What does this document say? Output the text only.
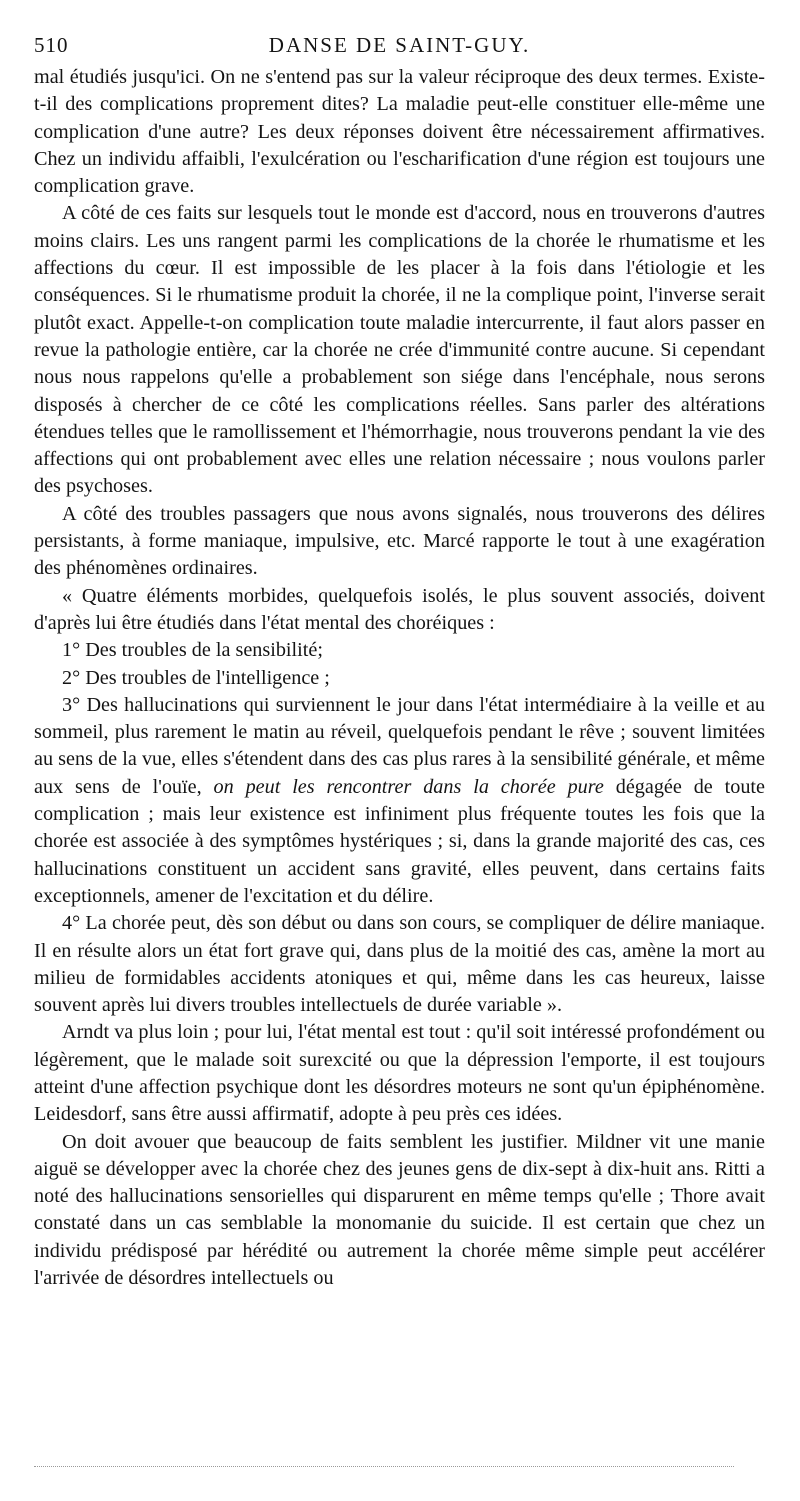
510	DANSE DE SAINT-GUY.

mal étudiés jusqu'ici. On ne s'entend pas sur la valeur réciproque des deux termes. Existe-t-il des complications proprement dites? La maladie peut-elle constituer elle-même une complication d'une autre? Les deux réponses doivent être nécessairement affirmatives. Chez un individu affaibli, l'exulcération ou l'escharification d'une région est toujours une complication grave.

A côté de ces faits sur lesquels tout le monde est d'accord, nous en trouverons d'autres moins clairs. Les uns rangent parmi les complications de la chorée le rhumatisme et les affections du cœur. Il est impossible de les placer à la fois dans l'étiologie et les conséquences. Si le rhumatisme produit la chorée, il ne la complique point, l'inverse serait plutôt exact. Appelle-t-on complication toute maladie intercurrente, il faut alors passer en revue la pathologie entière, car la chorée ne crée d'immunité contre aucune. Si cependant nous nous rappelons qu'elle a probablement son siége dans l'encéphale, nous serons disposés à chercher de ce côté les complications réelles. Sans parler des altérations étendues telles que le ramollissement et l'hémorrhagie, nous trouverons pendant la vie des affections qui ont probablement avec elles une relation nécessaire ; nous voulons parler des psychoses.

A côté des troubles passagers que nous avons signalés, nous trouverons des délires persistants, à forme maniaque, impulsive, etc. Marcé rapporte le tout à une exagération des phénomènes ordinaires.

« Quatre éléments morbides, quelquefois isolés, le plus souvent associés, doivent d'après lui être étudiés dans l'état mental des choréiques :

1° Des troubles de la sensibilité;

2° Des troubles de l'intelligence ;

3° Des hallucinations qui surviennent le jour dans l'état intermédiaire à la veille et au sommeil, plus rarement le matin au réveil, quelquefois pendant le rêve ; souvent limitées au sens de la vue, elles s'étendent dans des cas plus rares à la sensibilité générale, et même aux sens de l'ouïe, on peut les rencontrer dans la chorée pure dégagée de toute complication ; mais leur existence est infiniment plus fréquente toutes les fois que la chorée est associée à des symptômes hystériques ; si, dans la grande majorité des cas, ces hallucinations constituent un accident sans gravité, elles peuvent, dans certains faits exceptionnels, amener de l'excitation et du délire.

4° La chorée peut, dès son début ou dans son cours, se compliquer de délire maniaque. Il en résulte alors un état fort grave qui, dans plus de la moitié des cas, amène la mort au milieu de formidables accidents atoniques et qui, même dans les cas heureux, laisse souvent après lui divers troubles intellectuels de durée variable ».

Arndt va plus loin ; pour lui, l'état mental est tout : qu'il soit intéressé profondément ou légèrement, que le malade soit surexcité ou que la dépression l'emporte, il est toujours atteint d'une affection psychique dont les désordres moteurs ne sont qu'un épiphénomène. Leidesdorf, sans être aussi affirmatif, adopte à peu près ces idées.

On doit avouer que beaucoup de faits semblent les justifier. Mildner vit une manie aiguë se développer avec la chorée chez des jeunes gens de dix-sept à dix-huit ans. Ritti a noté des hallucinations sensorielles qui disparurent en même temps qu'elle ; Thore avait constaté dans un cas semblable la monomanie du suicide. Il est certain que chez un individu prédisposé par hérédité ou autrement la chorée même simple peut accélérer l'arrivée de désordres intellectuels ou
